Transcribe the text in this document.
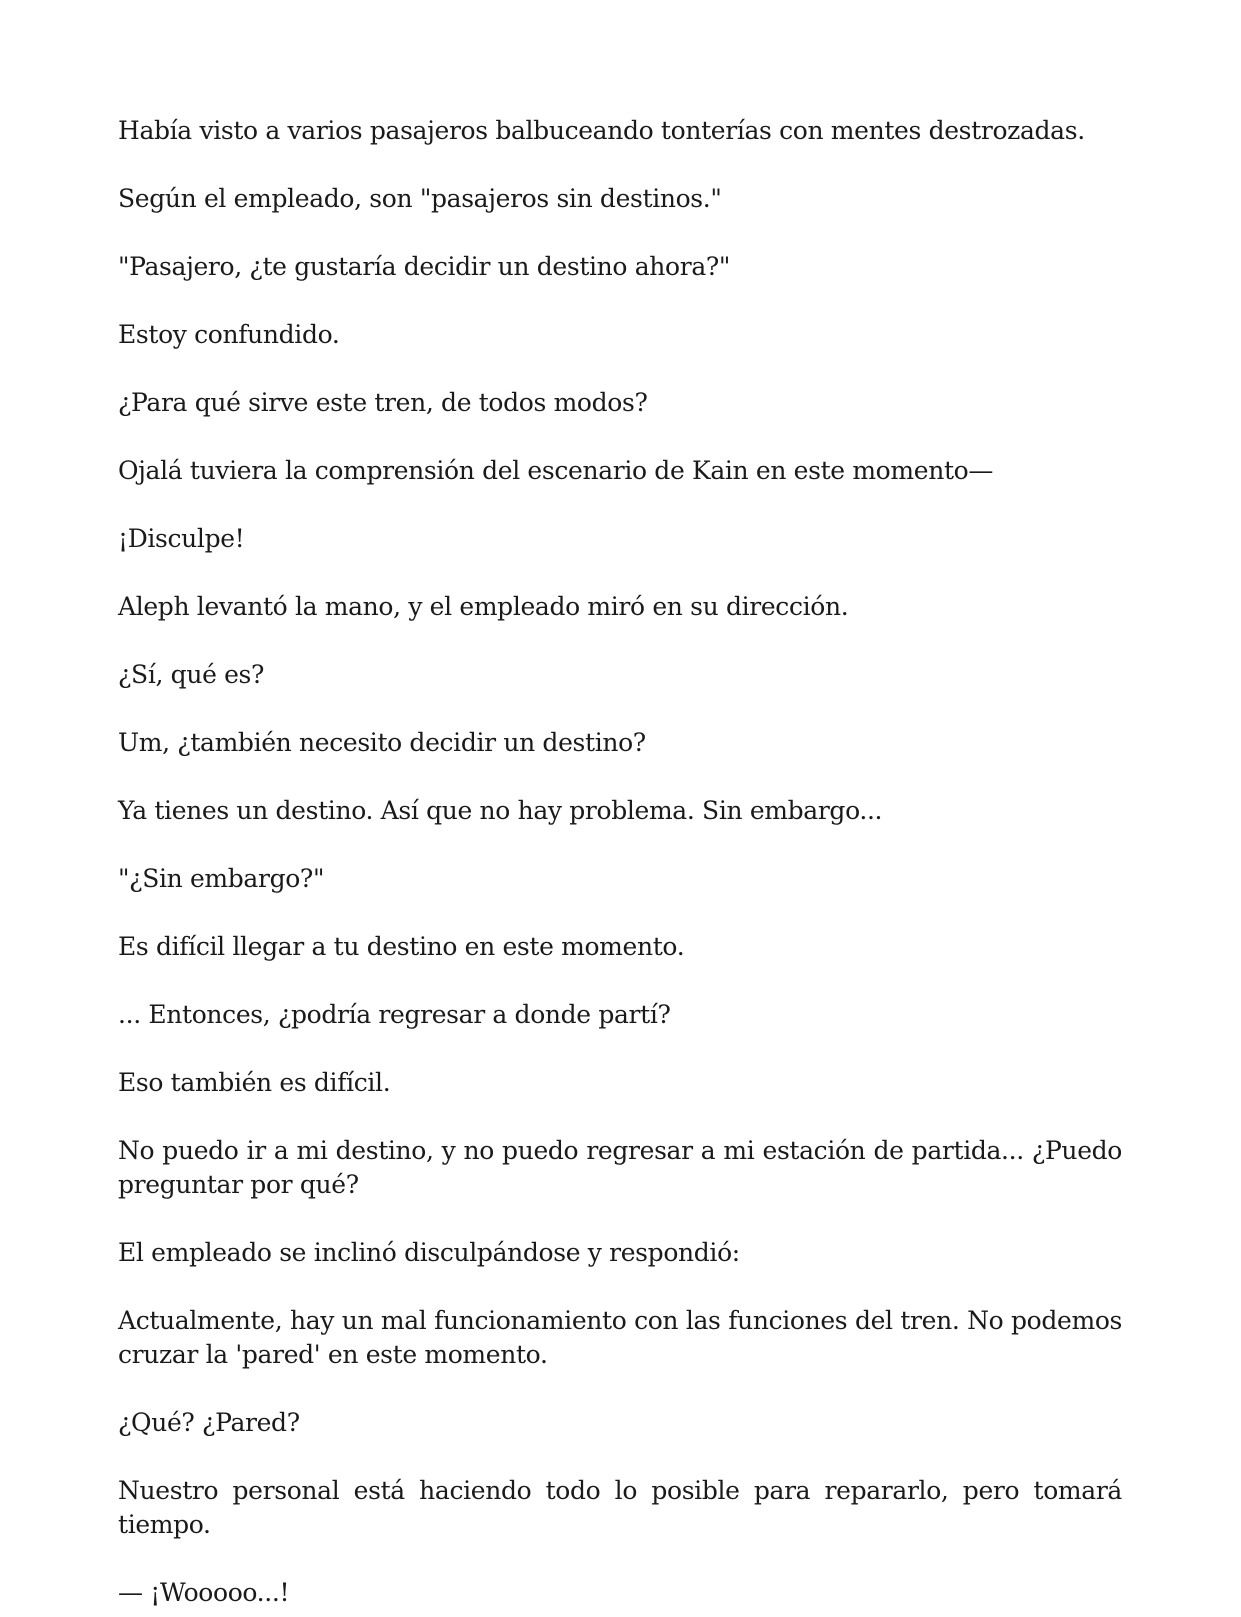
Había visto a varios pasajeros balbuceando tonterías con mentes destrozadas.

Según el empleado, son "pasajeros sin destinos."

"Pasajero, ¿te gustaría decidir un destino ahora?"

Estoy confundido.

¿Para qué sirve este tren, de todos modos?

Ojalá tuviera la comprensión del escenario de Kain en este momento—

¡Disculpe!

Aleph levantó la mano, y el empleado miró en su dirección.

¿Sí, qué es?

Um, ¿también necesito decidir un destino?

Ya tienes un destino. Así que no hay problema. Sin embargo...

"¿Sin embargo?"

Es difícil llegar a tu destino en este momento.

... Entonces, ¿podría regresar a donde partí?

Eso también es difícil.

No puedo ir a mi destino, y no puedo regresar a mi estación de partida... ¿Puedo preguntar por qué?

El empleado se inclinó disculpándose y respondió:

Actualmente, hay un mal funcionamiento con las funciones del tren. No podemos cruzar la 'pared' en este momento.

¿Qué? ¿Pared?

Nuestro personal está haciendo todo lo posible para repararlo, pero tomará tiempo.

— ¡Wooooo...!
